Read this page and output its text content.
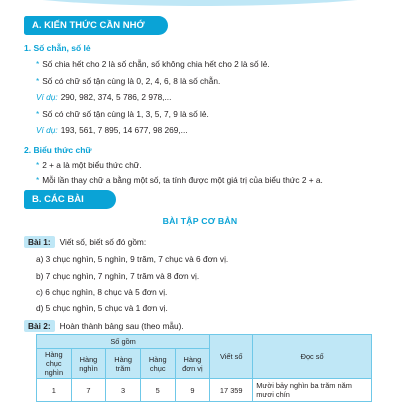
A. KIẾN THỨC CẦN NHỚ
1. Số chẵn, số lẻ
* Số chia hết cho 2 là số chẵn, số không chia hết cho 2 là số lẻ.
* Số có chữ số tận cùng là 0, 2, 4, 6, 8 là số chẵn.
Ví dụ: 290, 982, 374, 5 786, 2 978,...
* Số có chữ số tận cùng là 1, 3, 5, 7, 9 là số lẻ.
Ví dụ: 193, 561, 7 895, 14 677, 98 269,...
2. Biểu thức chữ
* 2 + a là một biểu thức chữ.
* Mỗi lần thay chữ a bằng một số, ta tính được một giá trị của biểu thức 2 + a.
B. CÁC BÀI TẬP	BÀI TẬP CƠ BẢN
Bài 1: Viết số, biết số đó gồm:
a) 3 chục nghìn, 5 nghìn, 9 trăm, 7 chục và 6 đơn vị.
b) 7 chục nghìn, 7 nghìn, 7 trăm và 8 đơn vị.
c) 6 chục nghìn, 8 chục và 5 đơn vị.
d) 5 chục nghìn, 5 chục và 1 đơn vị.
Bài 2: Hoàn thành bảng sau (theo mẫu).
Số gồm					Viết số	Đọc số
Hàng chục nghìn	Hàng nghìn	Hàng trăm	Hàng chục	Hàng đơn vị		
1	7	3	5	9	17 359	Mười bảy nghìn ba trăm năm mươi chín
